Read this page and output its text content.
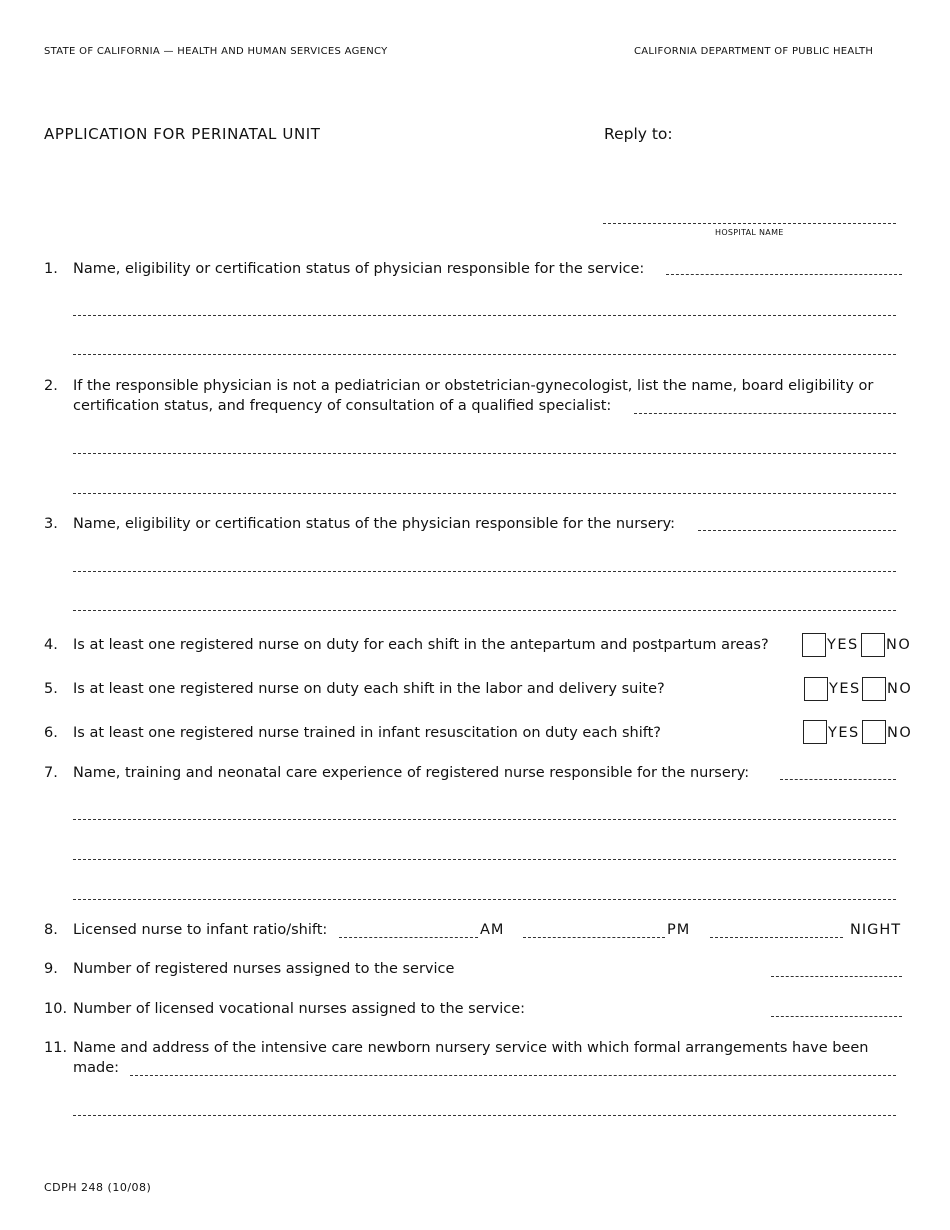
STATE OF CALIFORNIA — HEALTH AND HUMAN SERVICES AGENCY	CALIFORNIA DEPARTMENT OF PUBLIC HEALTH
APPLICATION FOR PERINATAL UNIT	Reply to:
HOSPITAL NAME
1. Name, eligibility or certification status of physician responsible for the service:
2. If the responsible physician is not a pediatrician or obstetrician-gynecologist, list the name, board eligibility or
certification status, and frequency of consultation of a qualified specialist:
3. Name, eligibility or certification status of the physician responsible for the nursery:
4. Is at least one registered nurse on duty for each shift in the antepartum and postpartum areas?	YES NO
5. Is at least one registered nurse on duty each shift in the labor and delivery suite?	YES NO
6. Is at least one registered nurse trained in infant resuscitation on duty each shift?	YES NO
7. Name, training and neonatal care experience of registered nurse responsible for the nursery:
8. Licensed nurse to infant ratio/shift:	AM	PM	NIGHT
9. Number of registered nurses assigned to the service
10. Number of licensed vocational nurses assigned to the service:
11. Name and address of the intensive care newborn nursery service with which formal arrangements have been
made:
CDPH 248 (10/08)
